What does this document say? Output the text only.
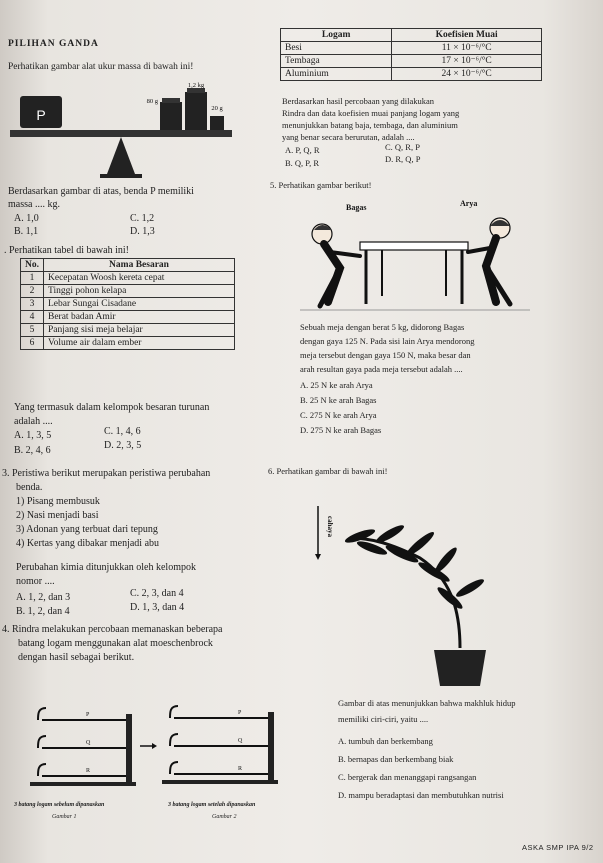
PILIHAN GANDA
Perhatikan gambar alat ukur massa di bawah ini!
P
80 g
1,2 kg
20 g
Berdasarkan gambar di atas, benda P memiliki
massa .... kg.
A. 1,0	C. 1,2
B. 1,1	D. 1,3
. Perhatikan tabel di bawah ini!
No.	Nama Besaran
1	Kecepatan Woosh kereta cepat
2	Tinggi pohon kelapa
3	Lebar Sungai Cisadane
4	Berat badan Amir
5	Panjang sisi meja belajar
6	Volume air dalam ember
Yang termasuk dalam kelompok besaran turunan
adalah ....
A. 1, 3, 5	C. 1, 4, 6
B. 2, 4, 6	D. 2, 3, 5
3. Peristiwa berikut merupakan peristiwa perubahan
benda.
1) Pisang membusuk
2) Nasi menjadi basi
3) Adonan yang terbuat dari tepung
4) Kertas yang dibakar menjadi abu
Perubahan kimia ditunjukkan oleh kelompok
nomor ....
A. 1, 2, dan 3	C. 2, 3, dan 4
B. 1, 2, dan 4	D. 1, 3, dan 4
4. Rindra melakukan percobaan memanaskan beberapa
batang logam menggunakan alat moeschenbrock
dengan hasil sebagai berikut.
P
Q
R
P
Q
R
3 batang logam sebelum dipanaskan
Gambar 1
3 batang logam setelah dipanaskan
Gambar 2
Logam	Koefisien Muai
Besi	11 × 10⁻⁶/°C
Tembaga	17 × 10⁻⁶/°C
Aluminium	24 × 10⁻⁶/°C
Berdasarkan hasil percobaan yang dilakukan
Rindra dan data koefisien muai panjang logam yang
menunjukkan batang baja, tembaga, dan aluminium
yang benar secara berurutan, adalah ....
A. P, Q, R	C. Q, R, P
B. Q, P, R	D. R, Q, P
5. Perhatikan gambar berikut!
Bagas	Arya
Sebuah meja dengan berat 5 kg, didorong Bagas
dengan gaya 125 N. Pada sisi lain Arya mendorong
meja tersebut dengan gaya 150 N, maka besar dan
arah resultan gaya pada meja tersebut adalah ....
A. 25 N ke arah Arya
B. 25 N ke arah Bagas
C. 275 N ke arah Arya
D. 275 N ke arah Bagas
6. Perhatikan gambar di bawah ini!
cahaya
Gambar di atas menunjukkan bahwa makhluk hidup
memiliki ciri-ciri, yaitu ....
A. tumbuh dan berkembang
B. bernapas dan berkembang biak
C. bergerak dan menanggapi rangsangan
D. mampu beradaptasi dan membutuhkan nutrisi
ASKA SMP IPA 9/2
